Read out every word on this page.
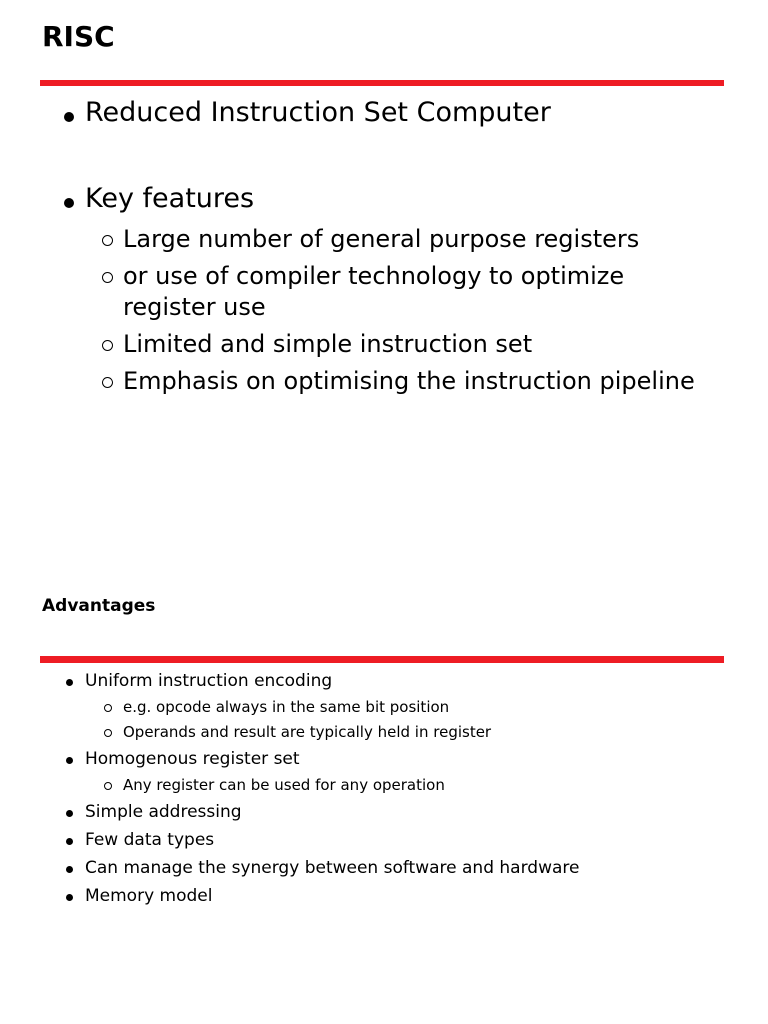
RISC
Reduced Instruction Set Computer
Key features
Large number of general purpose registers
or use of compiler technology to optimize register use
Limited and simple instruction set
Emphasis on optimising the instruction pipeline
Advantages
Uniform instruction encoding
e.g. opcode always in the same bit position
Operands and result are typically held in register
Homogenous register set
Any register can be used for any operation
Simple addressing
Few data types
Can manage the synergy between software and hardware
Memory model
